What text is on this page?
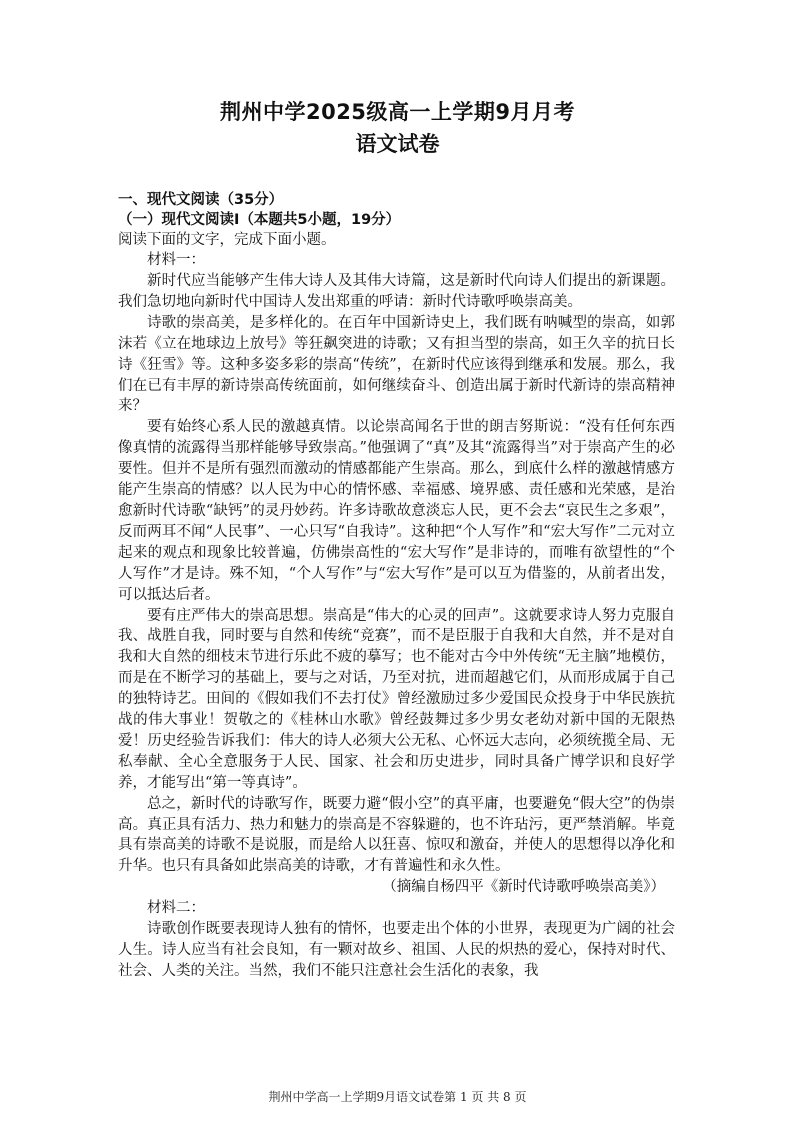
荆州中学2025级高一上学期9月月考
语文试卷
一、现代文阅读（35分）
（一）现代文阅读Ⅰ（本题共5小题，19分）
阅读下面的文字，完成下面小题。

材料一：

新时代应当能够产生伟大诗人及其伟大诗篇，这是新时代向诗人们提出的新课题。我们急切地向新时代中国诗人发出郑重的呼请：新时代诗歌呼唤崇高美。

诗歌的崇高美，是多样化的。在百年中国新诗史上，我们既有呐喊型的崇高，如郭沫若《立在地球边上放号》等狂飙突进的诗歌；又有担当型的崇高，如王久辛的抗日长诗《狂雪》等。这种多姿多彩的崇高“传统”，在新时代应该得到继承和发展。那么，我们在已有丰厚的新诗崇高传统面前，如何继续奋斗、创造出属于新时代新诗的崇高精神来？

要有始终心系人民的激越真情。以论崇高闻名于世的朗吉努斯说：“没有任何东西像真情的流露得当那样能够导致崇高。”他强调了“真”及其“流露得当”对于崇高产生的必要性。但并不是所有强烈而激动的情感都能产生崇高。那么，到底什么样的激越情感方能产生崇高的情感？以人民为中心的情怀感、幸福感、境界感、责任感和光荣感，是治愈新时代诗歌“缺钙”的灵丹妙药。许多诗歌故意淡忘人民，更不会去“哀民生之多艰”，反而两耳不闻“人民事”、一心只写“自我诗”。这种把“个人写作”和“宏大写作”二元对立起来的观点和现象比较普遍，仿佛崇高性的“宏大写作”是非诗的，而唯有欲望性的“个人写作”才是诗。殊不知，“个人写作”与“宏大写作”是可以互为借鉴的，从前者出发，可以抵达后者。

要有庄严伟大的崇高思想。崇高是“伟大的心灵的回声”。这就要求诗人努力克服自我、战胜自我，同时要与自然和传统“竞赛”，而不是臣服于自我和大自然，并不是对自我和大自然的细枝末节进行乐此不疲的摹写；也不能对古今中外传统“无主脑”地模仿，而是在不断学习的基础上，要与之对话，乃至对抗，进而超越它们，从而形成属于自己的独特诗艺。田间的《假如我们不去打仗》曾经激励过多少爱国民众投身于中华民族抗战的伟大事业！贺敬之的《桂林山水歌》曾经鼓舞过多少男女老幼对新中国的无限热爱！历史经验告诉我们：伟大的诗人必须大公无私、心怀远大志向，必须统揽全局、无私奉献、全心全意服务于人民、国家、社会和历史进步，同时具备广博学识和良好学养，才能写出“第一等真诗”。

总之，新时代的诗歌写作，既要力避“假小空”的真平庸，也要避免“假大空”的伪崇高。真正具有活力、热力和魅力的崇高是不容躲避的，也不许玷污，更严禁消解。毕竟具有崇高美的诗歌不是说服，而是给人以狂喜、惊叹和激奋，并使人的思想得以净化和升华。也只有具备如此崇高美的诗歌，才有普遍性和永久性。

（摘编自杨四平《新时代诗歌呼唤崇高美》）

材料二：

诗歌创作既要表现诗人独有的情怀，也要走出个体的小世界，表现更为广阔的社会人生。诗人应当有社会良知，有一颗对故乡、祖国、人民的炽热的爱心，保持对时代、社会、人类的关注。当然，我们不能只注意社会生活化的表象，我

荆州中学高一上学期9月语文试卷第 1 页 共 8 页
